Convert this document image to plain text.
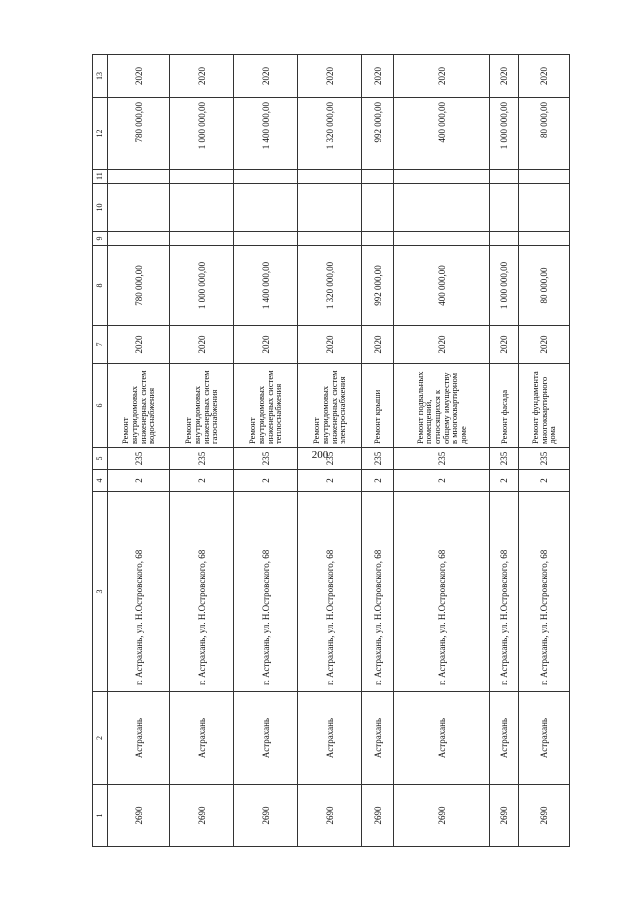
200
1	2	3	4	5	6	7	8	9	10	11	12	13
2690	Астрахань	г. Астрахань, ул. Н.Островского, 68	2	235	Ремонт внутридомовых инженерных систем водоснабжения	2020	780 000,00				780 000,00	2020
2690	Астрахань	г. Астрахань, ул. Н.Островского, 68	2	235	Ремонт внутридомовых инженерных систем газоснабжения	2020	1 000 000,00				1 000 000,00	2020
2690	Астрахань	г. Астрахань, ул. Н.Островского, 68	2	235	Ремонт внутридомовых инженерных систем теплоснабжения	2020	1 400 000,00				1 400 000,00	2020
2690	Астрахань	г. Астрахань, ул. Н.Островского, 68	2	235	Ремонт внутридомовых инженерных систем электроснабжения	2020	1 320 000,00				1 320 000,00	2020
2690	Астрахань	г. Астрахань, ул. Н.Островского, 68	2	235	Ремонт крыши	2020	992 000,00				992 000,00	2020
2690	Астрахань	г. Астрахань, ул. Н.Островского, 68	2	235	Ремонт подвальных помещений, относящихся к общему имуществу в многоквартирном доме	2020	400 000,00				400 000,00	2020
2690	Астрахань	г. Астрахань, ул. Н.Островского, 68	2	235	Ремонт фасада	2020	1 000 000,00				1 000 000,00	2020
2690	Астрахань	г. Астрахань, ул. Н.Островского, 68	2	235	Ремонт фундамента многоквартирного дома	2020	80 000,00				80 000,00	2020
